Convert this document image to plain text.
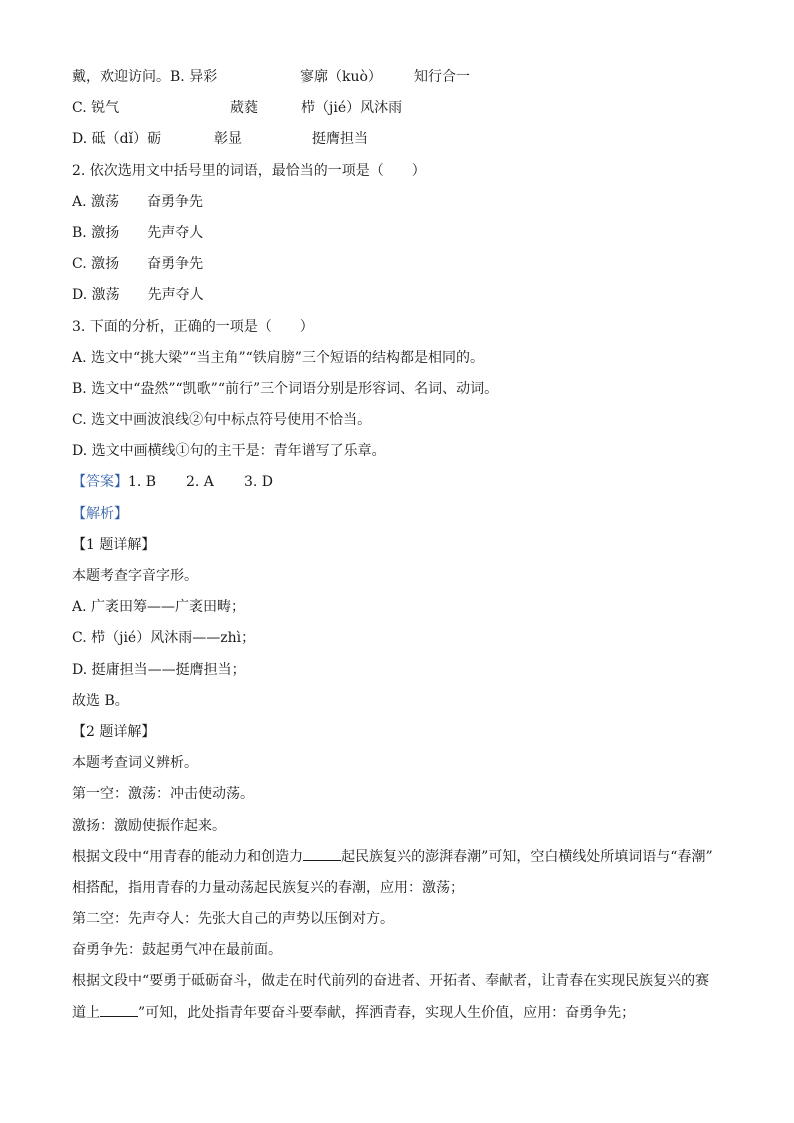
戴，欢迎访问。B. 异彩	寥廓（kuò） 知行合一
C. 锐气	葳蕤	栉（jié）风沐雨
D. 砥（dǐ）砺	彰显	挺膺担当
2. 依次选用文中括号里的词语，最恰当的一项是（　　）
A. 激荡　　奋勇争先
B. 激扬　　先声夺人
C. 激扬　　奋勇争先
D. 激荡　　先声夺人
3. 下面的分析，正确的一项是（　　）
A. 选文中“挑大梁”“当主角”“铁肩膀”三个短语的结构都是相同的。
B. 选文中“盎然”“凯歌”“前行”三个词语分别是形容词、名词、动词。
C. 选文中画波浪线②句中标点符号使用不恰当。
D. 选文中画横线①句的主干是：青年谱写了乐章。
【答案】1. B 2. A 3. D
【解析】
【1 题详解】
本题考查字音字形。
A. 广袤田筹——广袤田畴；
C. 栉（jié）风沐雨——zhì；
D. 挺庸担当——挺膺担当；
故选 B。
【2 题详解】
本题考查词义辨析。
第一空：激荡：冲击使动荡。
激扬：激励使振作起来。
根据文段中“用青春的能动力和创造力	起民族复兴的澎湃春潮”可知，空白横线处所填词语与“春潮”
相搭配，指用青春的力量动荡起民族复兴的春潮，应用：激荡；
第二空：先声夺人：先张大自己的声势以压倒对方。
奋勇争先：鼓起勇气冲在最前面。
根据文段中“要勇于砥砺奋斗，做走在时代前列的奋进者、开拓者、奉献者，让青春在实现民族复兴的赛
道上	”可知，此处指青年要奋斗要奉献，挥洒青春，实现人生价值，应用：奋勇争先；
